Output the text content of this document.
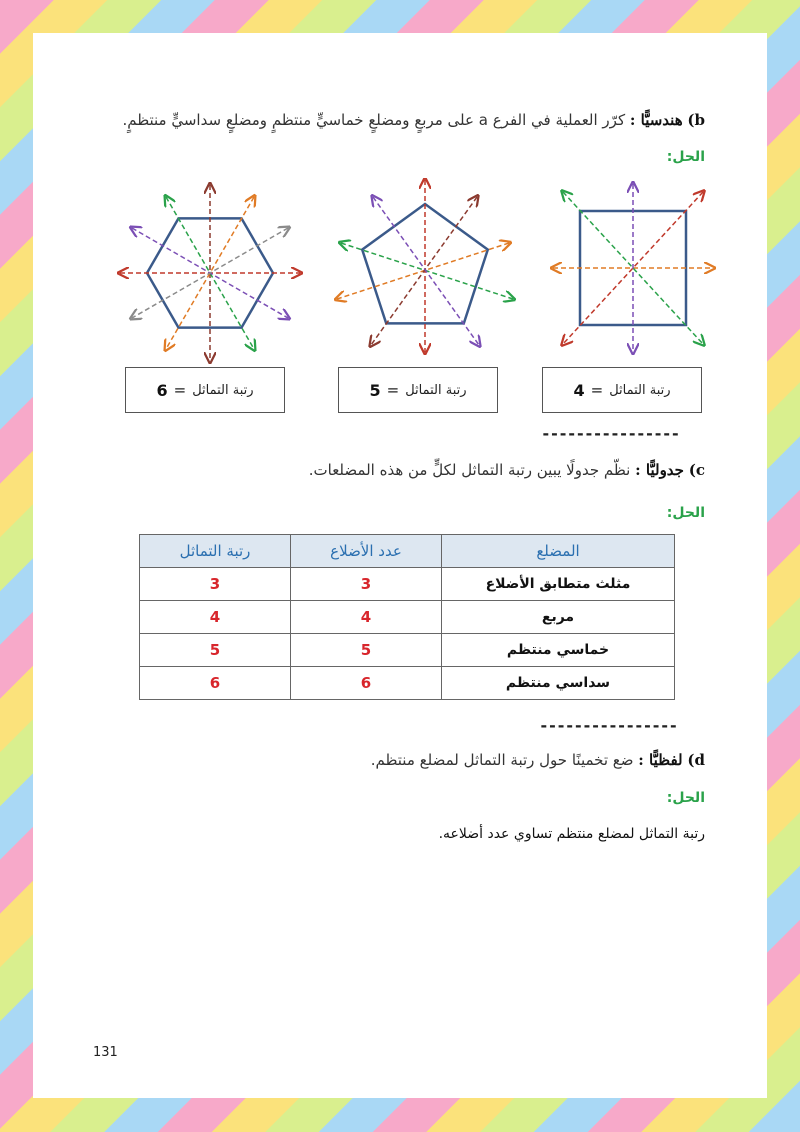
b) هندسيًّا : كرّر العملية في الفرع a على مربعٍ ومضلعٍ خماسيٍّ منتظمٍ ومضلعٍ سداسيٍّ منتظمٍ.
الحل:
رتبة التماثل
=
6	رتبة التماثل
=
5	رتبة التماثل
=
4
----------------
c) جدوليًّا : نظّم جدولًا يبين رتبة التماثل لكلٍّ من هذه المضلعات.
الحل:
المضلع	عدد الأضلاع	رتبة التماثل
مثلث متطابق الأضلاع	3	3
مربع	4	4
خماسي منتظم	5	5
سداسي منتظم	6	6
----------------
d) لفظيًّا : ضع تخمينًا حول رتبة التماثل لمضلع منتظم.
الحل:
رتبة التماثل لمضلع منتظم تساوي عدد أضلاعه.
131
